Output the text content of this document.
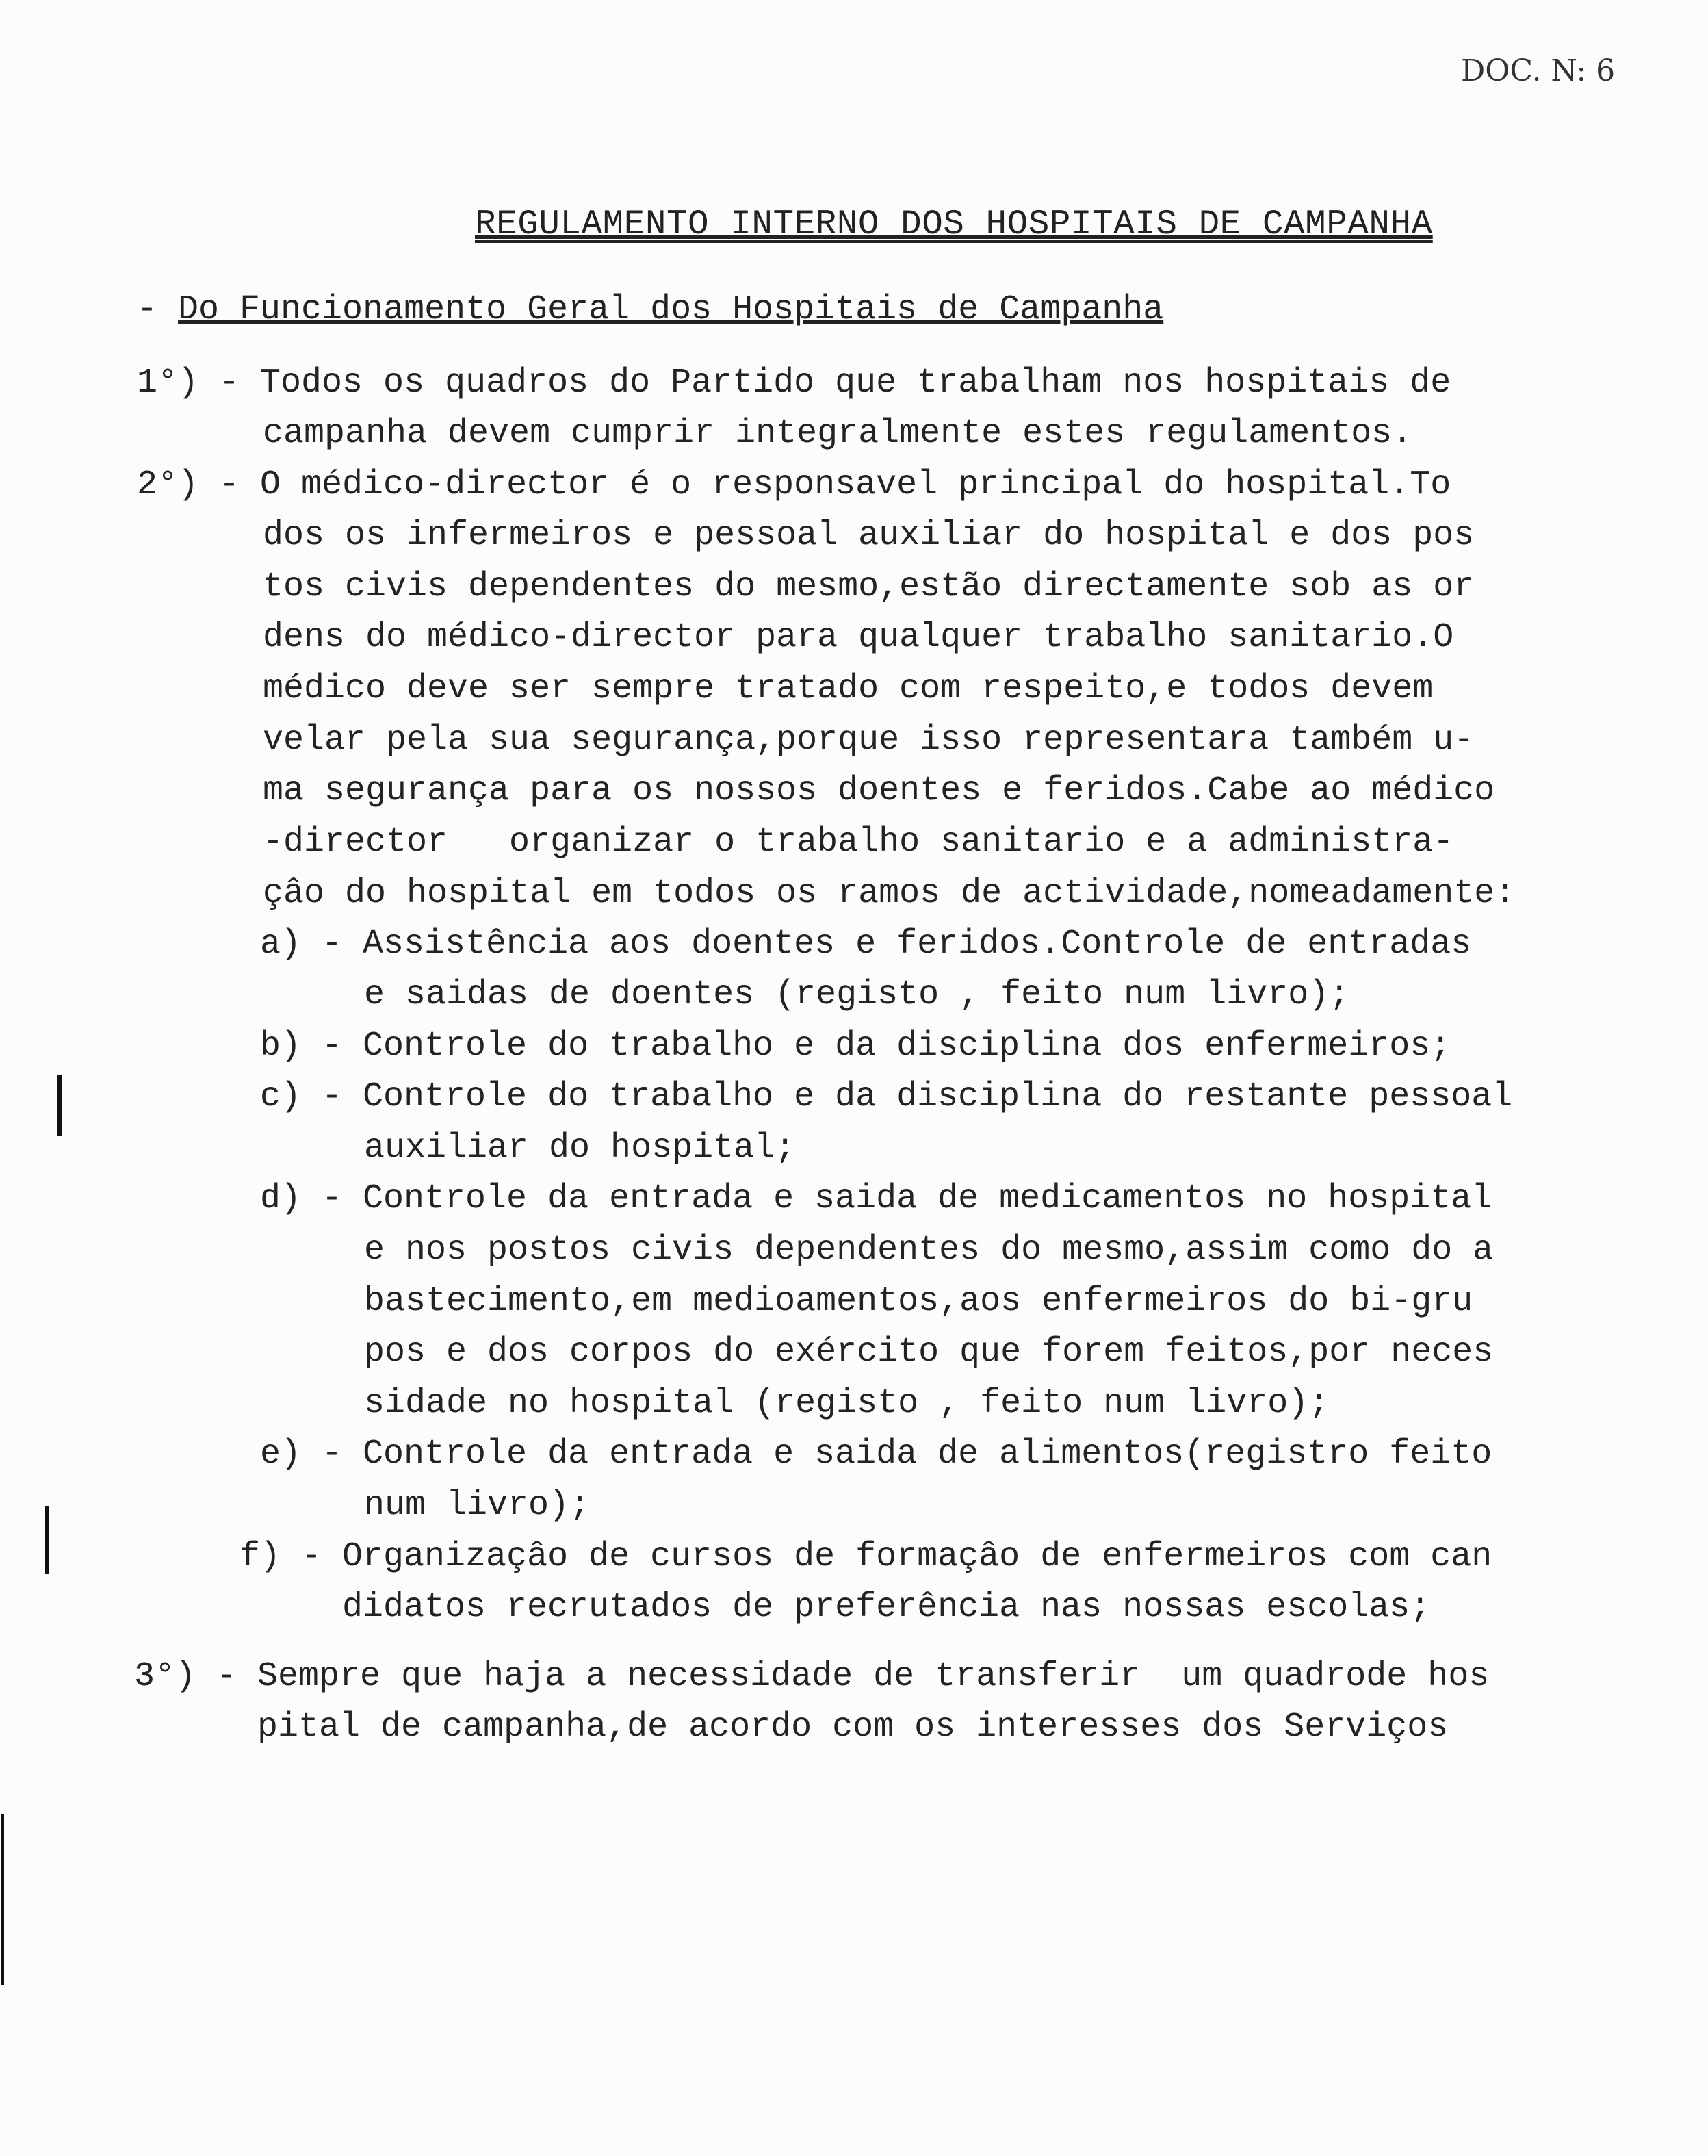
DOC. N: 6
REGULAMENTO INTERNO DOS HOSPITAIS DE CAMPANHA
- Do Funcionamento Geral dos Hospitais de Campanha
1°) - Todos os quadros do Partido que trabalham nos hospitais de
campanha devem cumprir integralmente estes regulamentos.
2°) - O médico-director é o responsavel principal do hospital.To
dos os infermeiros e pessoal auxiliar do hospital e dos pos
tos civis dependentes do mesmo,estão directamente sob as or
dens do médico-director para qualquer trabalho sanitario.O
médico deve ser sempre tratado com respeito,e todos devem
velar pela sua segurança,porque isso representara também u-
ma segurança para os nossos doentes e feridos.Cabe ao médico
-director   organizar o trabalho sanitario e a administra-
çâo do hospital em todos os ramos de actividade,nomeadamente:
a) - Assistência aos doentes e feridos.Controle de entradas
e saidas de doentes (registo , feito num livro);
b) - Controle do trabalho e da disciplina dos enfermeiros;
c) - Controle do trabalho e da disciplina do restante pessoal
auxiliar do hospital;
d) - Controle da entrada e saida de medicamentos no hospital
e nos postos civis dependentes do mesmo,assim como do a
bastecimento,em medioamentos,aos enfermeiros do bi-gru
pos e dos corpos do exército que forem feitos,por neces
sidade no hospital (registo , feito num livro);
e) - Controle da entrada e saida de alimentos(registro feito
num livro);
f) - Organizaçâo de cursos de formaçâo de enfermeiros com can
didatos recrutados de preferência nas nossas escolas;
3°) - Sempre que haja a necessidade de transferir  um quadrode hos
pital de campanha,de acordo com os interesses dos Serviços
